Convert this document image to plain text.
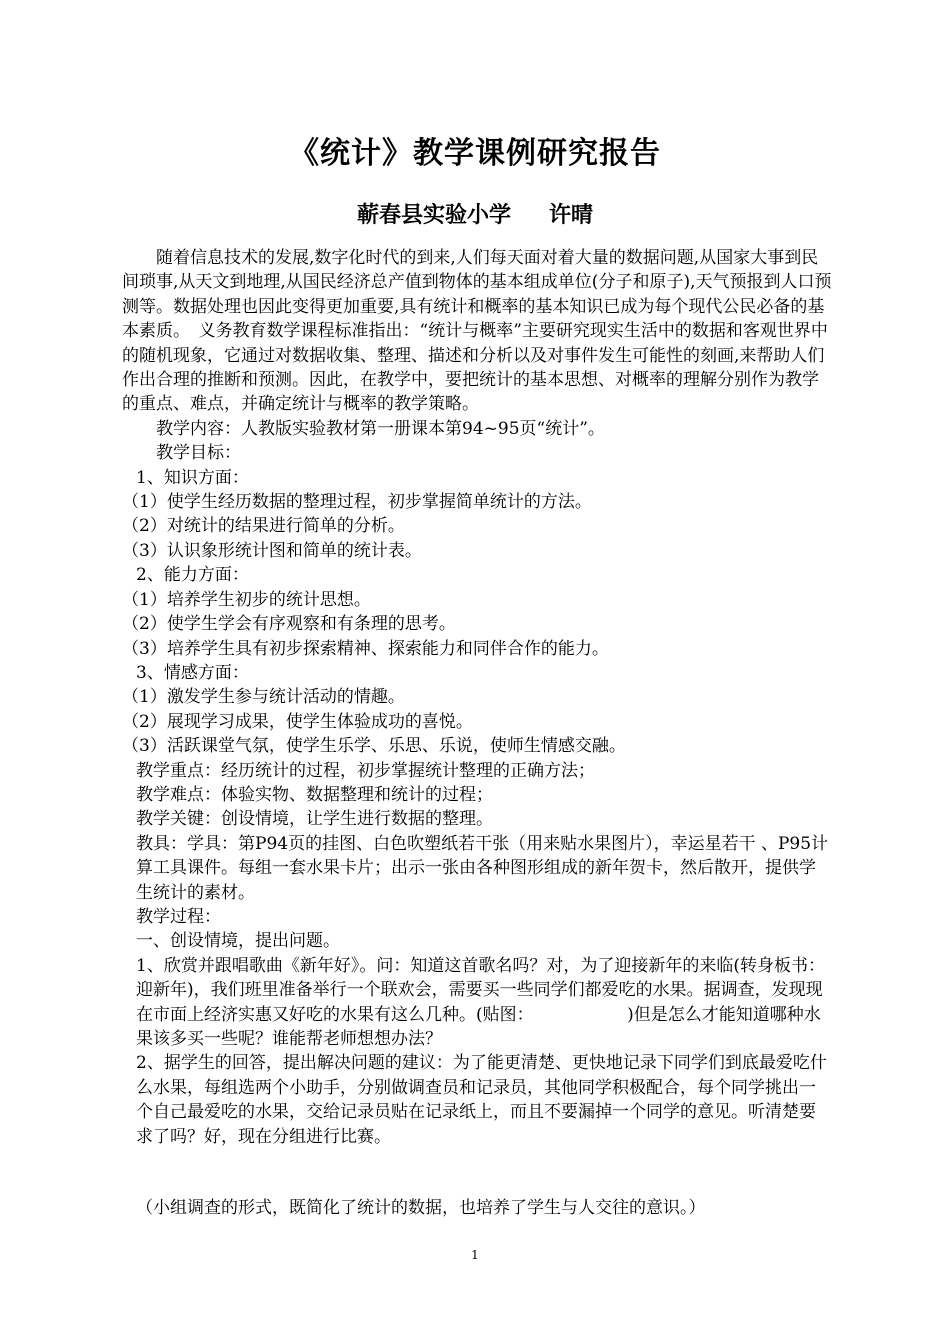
《统计》教学课例研究报告
蕲春县实验小学 许晴

随着信息技术的发展,数字化时代的到来,人们每天面对着大量的数据问题,从国家大事到民间琐事,从天文到地理,从国民经济总产值到物体的基本组成单位(分子和原子),天气预报到人口预测等。数据处理也因此变得更加重要,具有统计和概率的基本知识已成为每个现代公民必备的基本素质。　义务教育数学课程标准指出：“统计与概率”主要研究现实生活中的数据和客观世界中的随机现象，它通过对数据收集、整理、描述和分析以及对事件发生可能性的刻画,来帮助人们作出合理的推断和预测。因此，在教学中，要把统计的基本思想、对概率的理解分别作为教学的重点、难点，并确定统计与概率的教学策略。

教学内容：人教版实验教材第一册课本第94~95页“统计”。

教学目标：

1、知识方面：

（1）使学生经历数据的整理过程，初步掌握简单统计的方法。

（2）对统计的结果进行简单的分析。

（3）认识象形统计图和简单的统计表。

2、能力方面：

（1）培养学生初步的统计思想。

（2）使学生学会有序观察和有条理的思考。

（3）培养学生具有初步探索精神、探索能力和同伴合作的能力。

3、情感方面：

（1）激发学生参与统计活动的情趣。

（2）展现学习成果，使学生体验成功的喜悦。

（3）活跃课堂气氛，使学生乐学、乐思、乐说，使师生情感交融。

教学重点：经历统计的过程，初步掌握统计整理的正确方法；

教学难点：体验实物、数据整理和统计的过程；

教学关键：创设情境，让学生进行数据的整理。

教具：学具：第P94页的挂图、白色吹塑纸若干张（用来贴水果图片），幸运星若干 、P95计算工具课件。每组一套水果卡片；出示一张由各种图形组成的新年贺卡，然后散开，提供学生统计的素材。

教学过程：

一、创设情境，提出问题。

1、欣赏并跟唱歌曲《新年好》。问：知道这首歌名吗？对，为了迎接新年的来临(转身板书：迎新年)，我们班里准备举行一个联欢会，需要买一些同学们都爱吃的水果。据调查，发现现在市面上经济实惠又好吃的水果有这么几种。(贴图：　　　　　　)但是怎么才能知道哪种水果该多买一些呢？谁能帮老师想想办法？

2、据学生的回答，提出解决问题的建议：为了能更清楚、更快地记录下同学们到底最爱吃什么水果，每组选两个小助手，分别做调查员和记录员，其他同学积极配合，每个同学挑出一个自己最爱吃的水果，交给记录员贴在记录纸上，而且不要漏掉一个同学的意见。听清楚要求了吗？好，现在分组进行比赛。

（小组调查的形式，既简化了统计的数据，也培养了学生与人交往的意识。）

1
